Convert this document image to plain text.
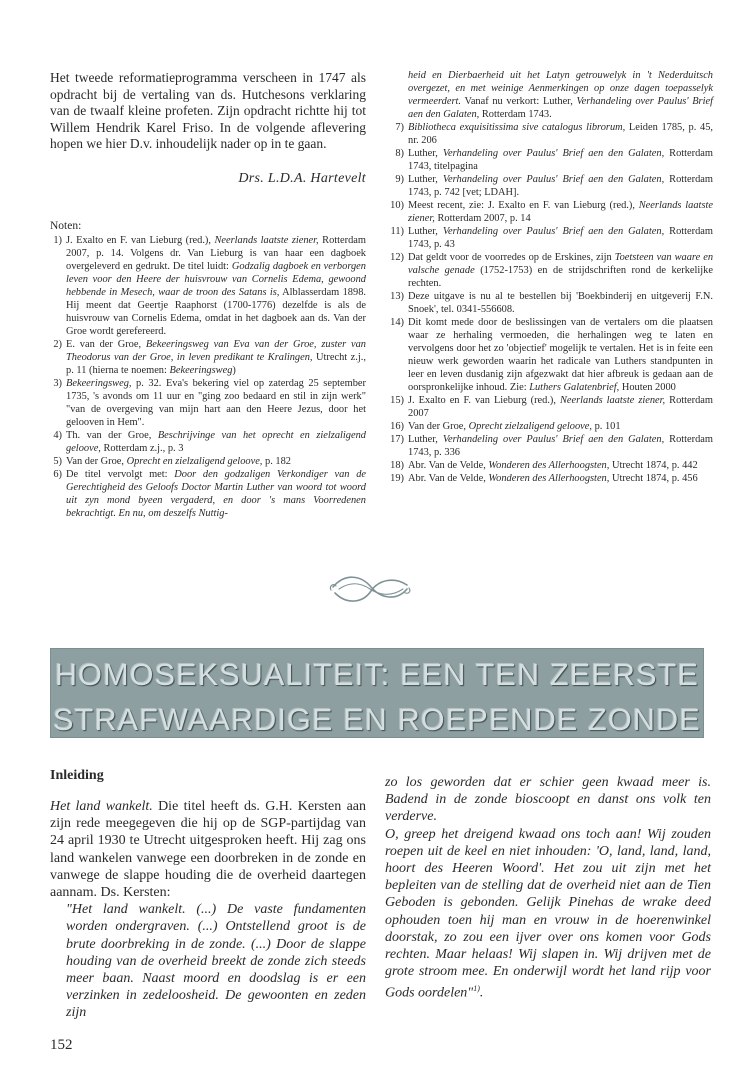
Het tweede reformatieprogramma verscheen in 1747 als opdracht bij de vertaling van ds. Hutchesons verklaring van de twaalf kleine profeten. Zijn opdracht richtte hij tot Willem Hendrik Karel Friso. In de volgende aflevering hopen we hier D.v. inhoudelijk nader op in te gaan.

Drs. L.D.A. Hartevelt
Noten:
1) J. Exalto en F. van Lieburg (red.), Neerlands laatste ziener, Rotterdam 2007, p. 14. Volgens dr. Van Lieburg is van haar een dagboek overgeleverd en gedrukt. De titel luidt: Godzalig dagboek en verborgen leven voor den Heere der huisvrouw van Cornelis Edema, gewoond hebbende in Mesech, waar de troon des Satans is, Alblasserdam 1898. Hij meent dat Geertje Raaphorst (1700-1776) dezelfde is als de huisvrouw van Cornelis Edema, omdat in het dagboek aan ds. Van der Groe wordt gerefereerd.
2) E. van der Groe, Bekeeringsweg van Eva van der Groe, zuster van Theodorus van der Groe, in leven predikant te Kralingen, Utrecht z.j., p. 11 (hierna te noemen: Bekeeringsweg)
3) Bekeeringsweg, p. 32. Eva's bekering viel op zaterdag 25 september 1735, 's avonds om 11 uur en "ging zoo bedaard en stil in zijn werk" "van de overgeving van mijn hart aan den Heere Jezus, door het gelooven in Hem".
4) Th. van der Groe, Beschrijvinge van het oprecht en zielzaligend geloove, Rotterdam z.j., p. 3
5) Van der Groe, Oprecht en zielzaligend geloove, p. 182
6) De titel vervolgt met: Door den godzaligen Verkondiger van de Gerechtigheid des Geloofs Doctor Martin Luther van woord tot woord uit zyn mond byeen vergaderd, en door 's mans Voorredenen bekrachtigt. En nu, om deszelfs Nuttig-
heid en Dierbaerheid uit het Latyn getrouwelyk in 't Nederduitsch overgezet, en met weinige Aenmerkingen op onze dagen toepasselyk vermeerdert. Vanaf nu verkort: Luther, Verhandeling over Paulus' Brief aen den Galaten, Rotterdam 1743.
7) Bibliotheca exquisitissima sive catalogus librorum, Leiden 1785, p. 45, nr. 206
8) Luther, Verhandeling over Paulus' Brief aen den Galaten, Rotterdam 1743, titelpagina
9) Luther, Verhandeling over Paulus' Brief aen den Galaten, Rotterdam 1743, p. 742 [vet; LDAH].
10) Meest recent, zie: J. Exalto en F. van Lieburg (red.), Neerlands laatste ziener, Rotterdam 2007, p. 14
11) Luther, Verhandeling over Paulus' Brief aen den Galaten, Rotterdam 1743, p. 43
12) Dat geldt voor de voorredes op de Erskines, zijn Toetsteen van waare en valsche genade (1752-1753) en de strijdschriften rond de kerkelijke rechten.
13) Deze uitgave is nu al te bestellen bij 'Boekbinderij en uitgeverij F.N. Snoek', tel. 0341-556608.
14) Dit komt mede door de beslissingen van de vertalers om die plaatsen waar ze herhaling vermoeden, die herhalingen weg te laten en vervolgens door het zo 'objectief' mogelijk te vertalen. Het is in feite een nieuw werk geworden waarin het radicale van Luthers standpunten in leer en leven dusdanig zijn afgezwakt dat hier afbreuk is gedaan aan de oorspronkelijke inhoud. Zie: Luthers Galatenbrief, Houten 2000
15) J. Exalto en F. van Lieburg (red.), Neerlands laatste ziener, Rotterdam 2007
16) Van der Groe, Oprecht zielzaligend geloove, p. 101
17) Luther, Verhandeling over Paulus' Brief aen den Galaten, Rotterdam 1743, p. 336
18) Abr. Van de Velde, Wonderen des Allerhoogsten, Utrecht 1874, p. 442
19) Abr. Van de Velde, Wonderen des Allerhoogsten, Utrecht 1874, p. 456
HOMOSEKSUALITEIT: EEN TEN ZEERSTE
STRAFWAARDIGE EN ROEPENDE ZONDE

Inleiding

Het land wankelt. Die titel heeft ds. G.H. Kersten aan zijn rede meegegeven die hij op de SGP-partijdag van 24 april 1930 te Utrecht uitgesproken heeft. Hij zag ons land wankelen vanwege een doorbreken in de zonde en vanwege de slappe houding die de overheid daartegen aannam. Ds. Kersten:

"Het land wankelt. (...) De vaste fundamenten worden ondergraven. (...) Ontstellend groot is de brute doorbreking in de zonde. (...) Door de slappe houding van de overheid breekt de zonde zich steeds meer baan. Naast moord en doodslag is er een verzinken in zedeloosheid. De gewoonten en zeden zijn

zo los geworden dat er schier geen kwaad meer is. Badend in de zonde bioscoopt en danst ons volk ten verderve.

O, greep het dreigend kwaad ons toch aan! Wij zouden roepen uit de keel en niet inhouden: 'O, land, land, land, hoort des Heeren Woord'. Het zou uit zijn met het bepleiten van de stelling dat de overheid niet aan de Tien Geboden is gebonden. Gelijk Pinehas de wrake deed ophouden toen hij man en vrouw in de hoerenwinkel doorstak, zo zou een ijver over ons komen voor Gods rechten. Maar helaas! Wij slapen in. Wij drijven met de grote stroom mee. En onderwijl wordt het land rijp voor Gods oordelen"$^{1)}$.

152
